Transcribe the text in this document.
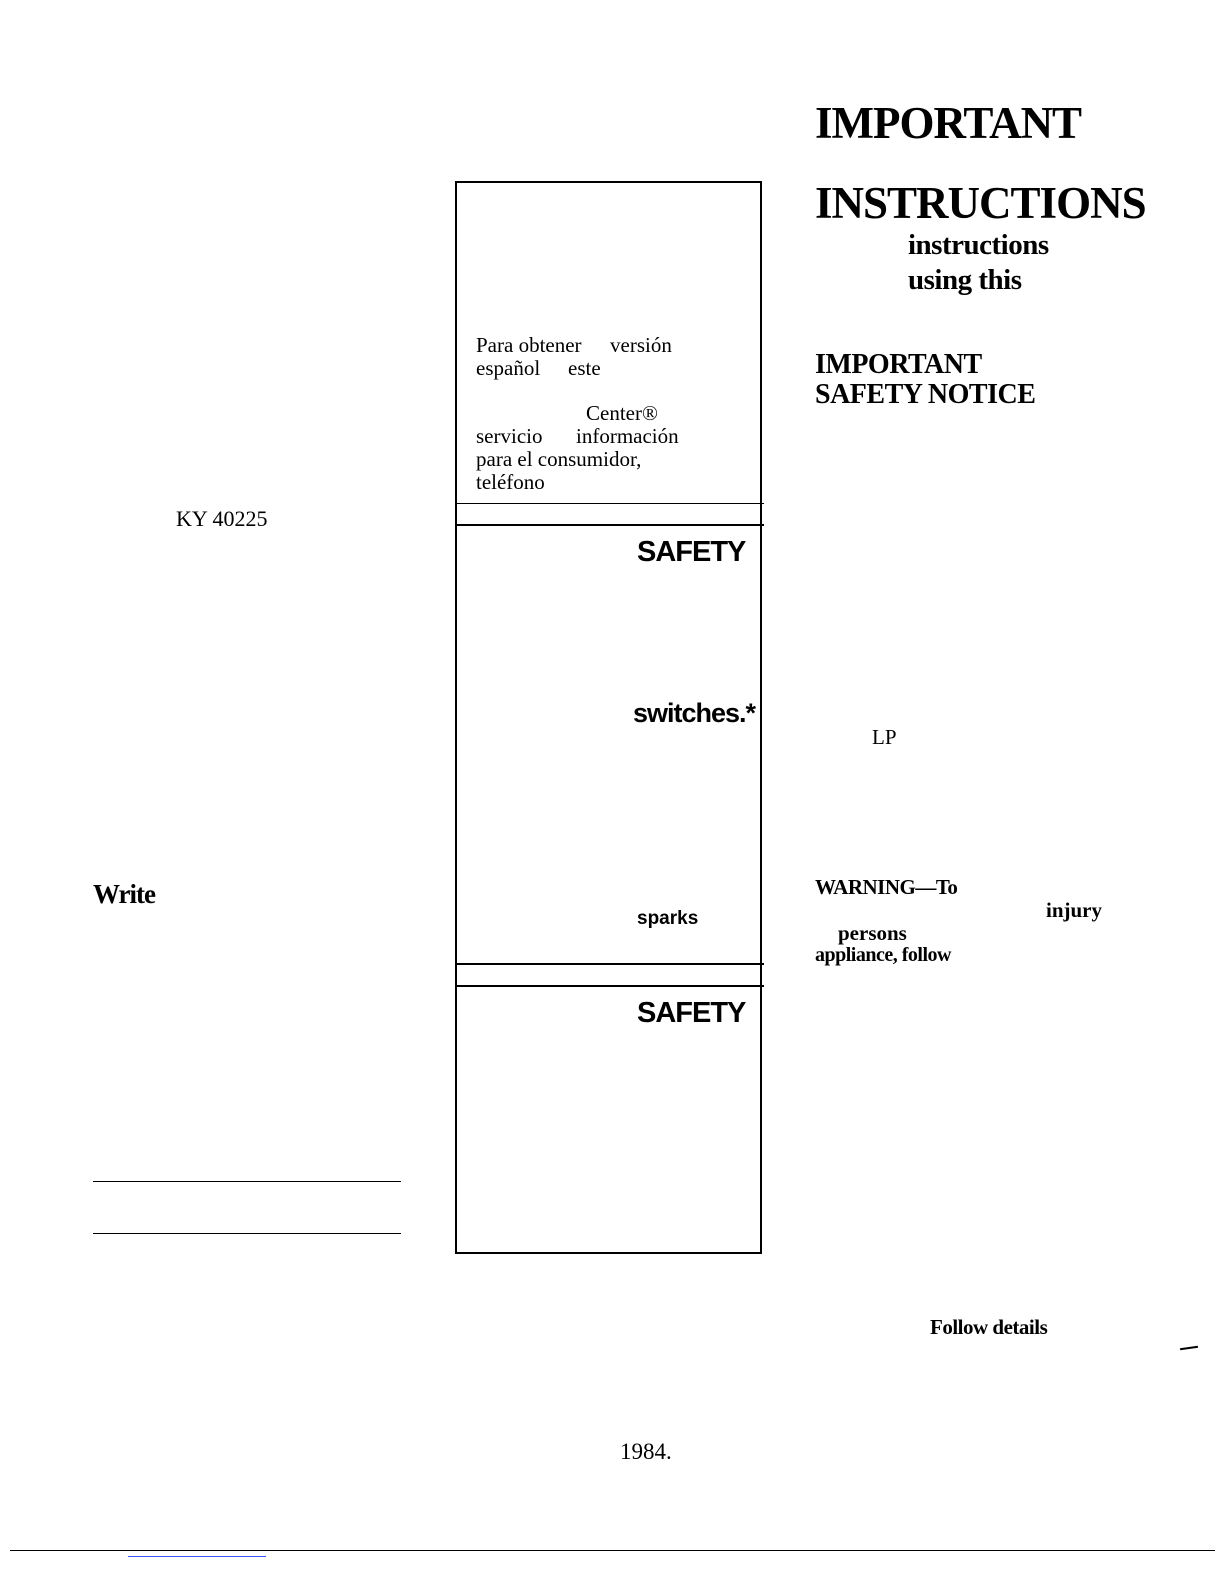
KY 40225
Write
Para obtener versión
español este
Center®
servicio información
para el consumidor,
teléfono
SAFETY
switches.*
sparks
SAFETY
IMPORTANT
INSTRUCTIONS
instructions
using this
IMPORTANT
SAFETY NOTICE
LP
WARNING—To
injury
persons
appliance, follow
Follow details
1984.
